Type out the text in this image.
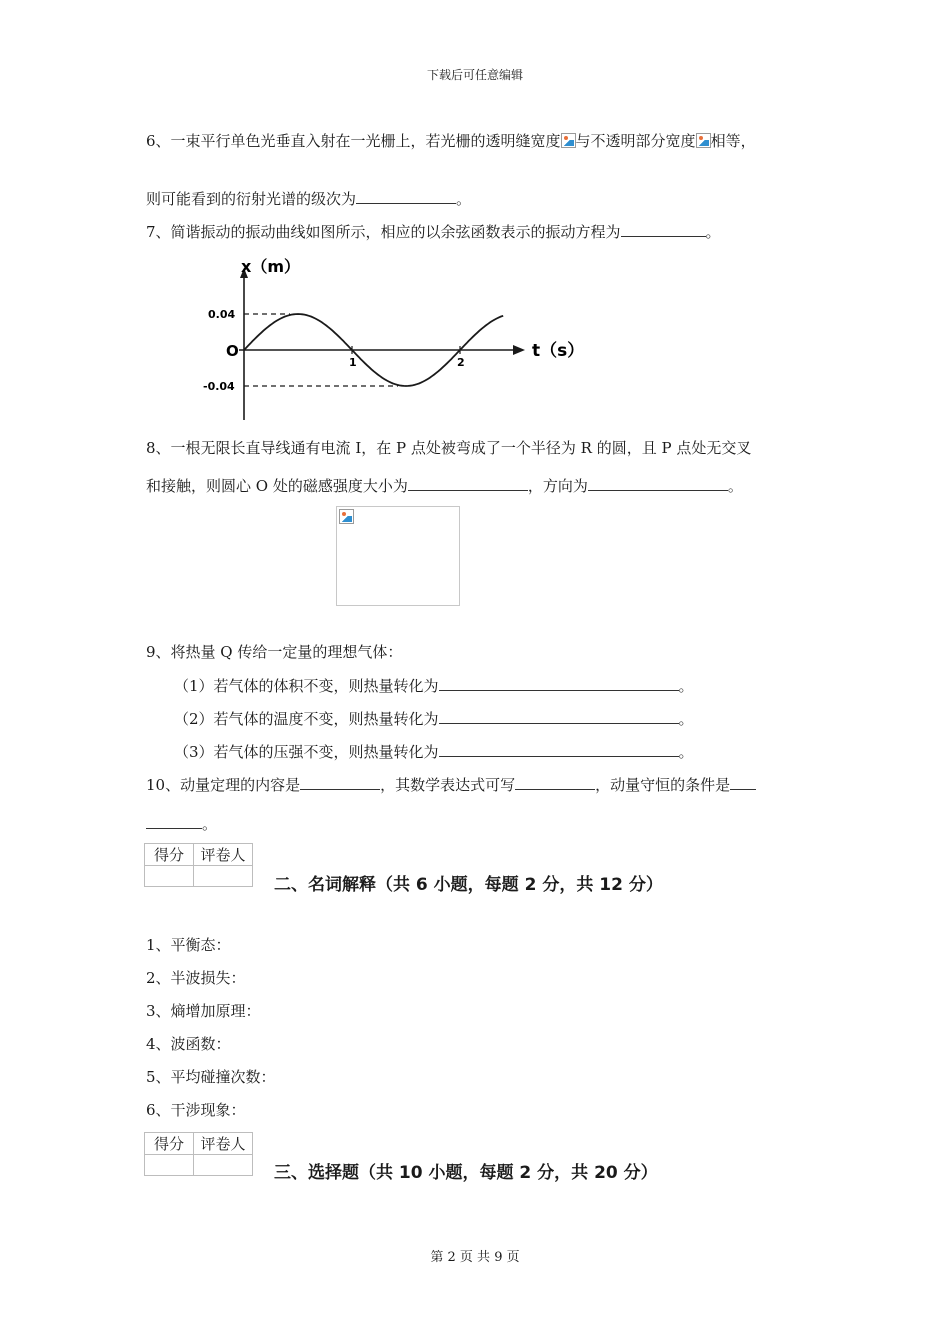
下载后可任意编辑
6、一束平行单色光垂直入射在一光栅上，若光栅的透明缝宽度 与不透明部分宽度 相等，
则可能看到的衍射光谱的级次为	。
7、简谐振动的振动曲线如图所示，相应的以余弦函数表示的振动方程为	。
x（m）
t（s）
O
0.04
-0.04
1	2
8、一根无限长直导线通有电流 I，在 P 点处被弯成了一个半径为 R 的圆，且 P 点处无交叉
和接触，则圆心 O 处的磁感强度大小为	，方向为	。
9、将热量 Q 传给一定量的理想气体：
（1）若气体的体积不变，则热量转化为	。
（2）若气体的温度不变，则热量转化为	。
（3）若气体的压强不变，则热量转化为	。
10、动量定理的内容是	，其数学表达式可写	，动量守恒的条件是
。
得分	评卷人

二、名词解释（共 6 小题，每题 2 分，共 12 分）
1、平衡态：
2、半波损失：
3、熵增加原理：
4、波函数：
5、平均碰撞次数：
6、干涉现象：
得分	评卷人

三、选择题（共 10 小题，每题 2 分，共 20 分）
第 2 页 共 9 页
